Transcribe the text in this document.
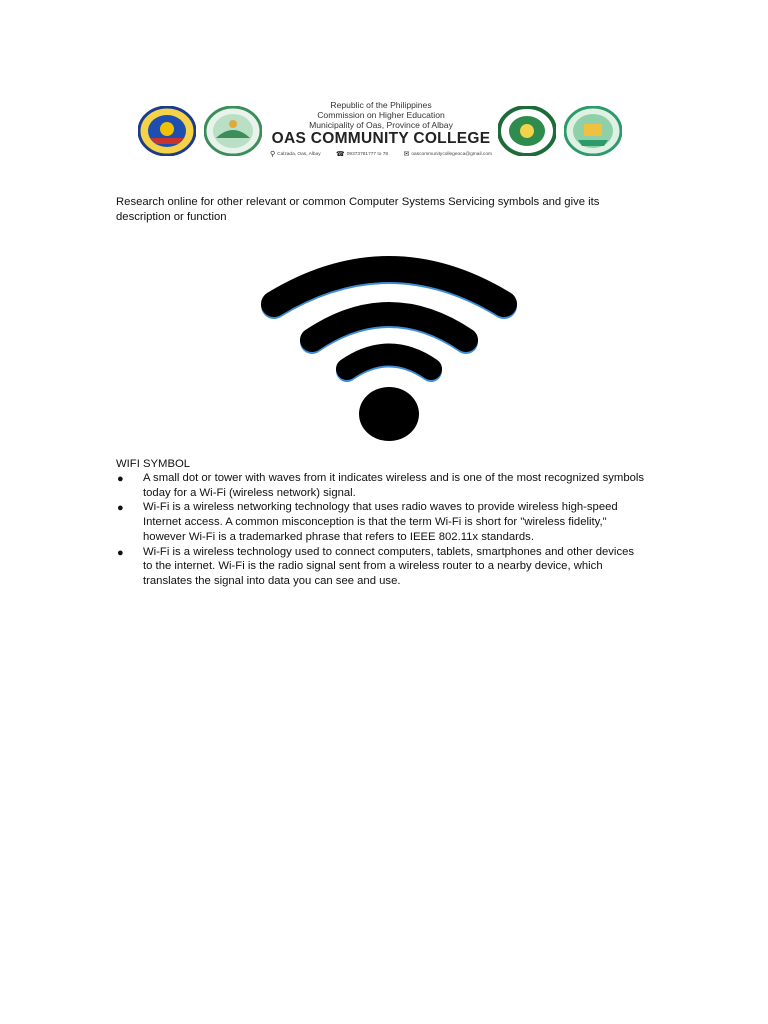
Republic of the Philippines
Commission on Higher Education
Municipality of Oas, Province of Albay
OAS COMMUNITY COLLEGE
⚲ Calzada, Oas, Albay ☎ 09373781777 to 78 ✉ oascommunitycollegeoca@gmail.com
Research online for other relevant or common Computer Systems Servicing symbols and give its description or function
WIFI SYMBOL
● A small dot or tower with waves from it indicates wireless and is one of the most recognized symbols today for a Wi-Fi (wireless network) signal.
● Wi-Fi is a wireless networking technology that uses radio waves to provide wireless high-speed Internet access. A common misconception is that the term Wi-Fi is short for "wireless fidelity," however Wi-Fi is a trademarked phrase that refers to IEEE 802.11x standards.
● Wi-Fi is a wireless technology used to connect computers, tablets, smartphones and other devices to the internet. Wi-Fi is the radio signal sent from a wireless router to a nearby device, which translates the signal into data you can see and use.
